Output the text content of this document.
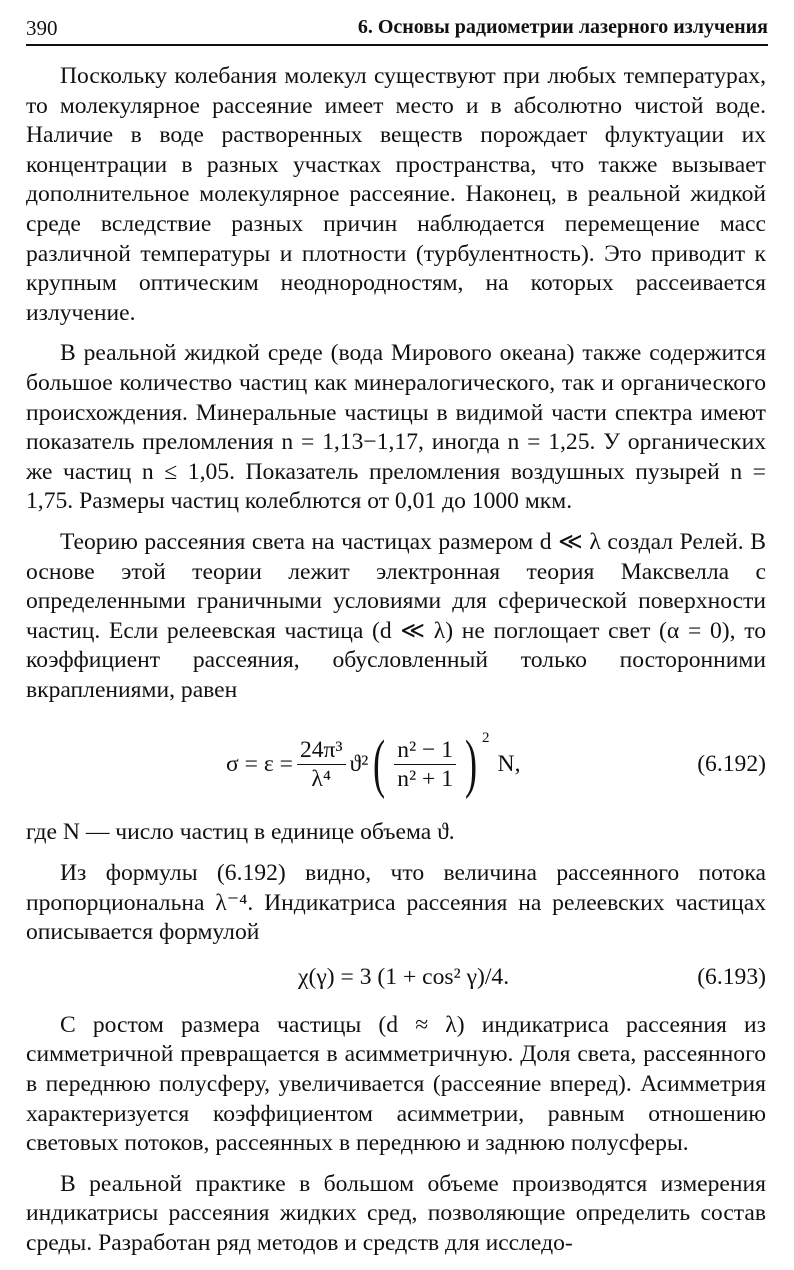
390	6. Основы радиометрии лазерного излучения

Поскольку колебания молекул существуют при любых температурах, то молекулярное рассеяние имеет место и в абсолютно чистой воде. Наличие в воде растворенных веществ порождает флуктуации их концентрации в разных участках пространства, что также вызывает дополнительное молекулярное рассеяние. Наконец, в реальной жидкой среде вследствие разных причин наблюдается перемещение масс различной температуры и плотности (турбулентность). Это приводит к крупным оптическим неоднородностям, на которых рассеивается излучение.

В реальной жидкой среде (вода Мирового океана) также содержится большое количество частиц как минералогического, так и органического происхождения. Минеральные частицы в видимой части спектра имеют показатель преломления n = 1,13−1,17, иногда n = 1,25. У органических же частиц n ≤ 1,05. Показатель преломления воздушных пузырей n = 1,75. Размеры частиц колеблются от 0,01 до 1000 мкм.

Теорию рассеяния света на частицах размером d ≪ λ создал Релей. В основе этой теории лежит электронная теория Максвелла с определенными граничными условиями для сферической поверхности частиц. Если релеевская частица (d ≪ λ) не поглощает свет (α = 0), то коэффициент рассеяния, обусловленный только посторонними вкраплениями, равен

$\sigma = \varepsilon = \frac{\text{24π³}}{\text{λ⁴}} ϑ^2$ ( $\frac{\text{n² − 1}}{\text{n² + 1}}$ ) $^2$
N,	(6.192)

где N — число частиц в единице объема ϑ.

Из формулы (6.192) видно, что величина рассеянного потока пропорциональна λ⁻⁴. Индикатриса рассеяния на релеевских частицах описывается формулой

χ(γ) = 3 (1 + cos² γ)/4.	(6.193)

С ростом размера частицы (d ≈ λ) индикатриса рассеяния из симметричной превращается в асимметричную. Доля света, рассеянного в переднюю полусферу, увеличивается (рассеяние вперед). Асимметрия характеризуется коэффициентом асимметрии, равным отношению световых потоков, рассеянных в переднюю и заднюю полусферы.

В реальной практике в большом объеме производятся измерения индикатрисы рассеяния жидких сред, позволяющие определить состав среды. Разработан ряд методов и средств для исследо-
